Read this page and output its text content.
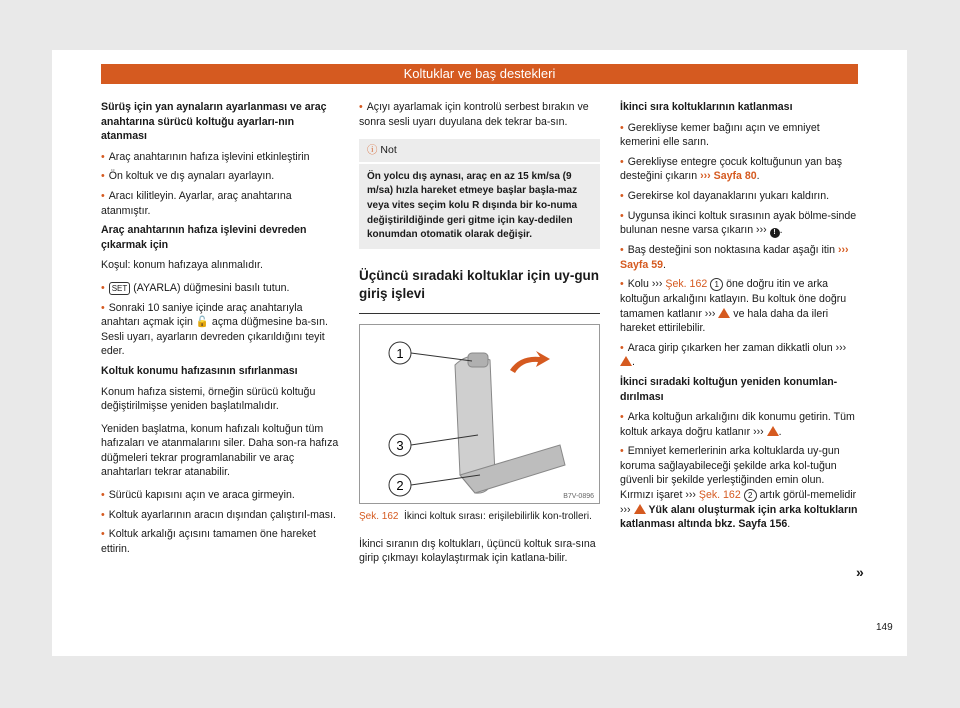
Koltuklar ve baş destekleri

Sürüş için yan aynaların ayarlanması ve araç anahtarına sürücü koltuğu ayarları-nın atanması

• Araç anahtarının hafıza işlevini etkinleştirin

• Ön koltuk ve dış aynaları ayarlayın.

• Aracı kilitleyin. Ayarlar, araç anahtarına atanmıştır.

Araç anahtarının hafıza işlevini devreden çıkarmak için

Koşul: konum hafızaya alınmalıdır.

• SET (AYARLA) düğmesini basılı tutun.

• Sonraki 10 saniye içinde araç anahtarıyla anahtarı açmak için 🔓 açma düğmesine ba-sın. Sesli uyarı, ayarların devreden çıkarıldığını teyit eder.

Koltuk konumu hafızasının sıfırlanması

Konum hafıza sistemi, örneğin sürücü koltuğu değiştirilmişse yeniden başlatılmalıdır.

Yeniden başlatma, konum hafızalı koltuğun tüm hafızaları ve atanmalarını siler. Daha son-ra hafıza düğmeleri tekrar programlanabilir ve araç anahtarları tekrar atanabilir.

• Sürücü kapısını açın ve araca girmeyin.

• Koltuk ayarlarının aracın dışından çalıştırıl-ması.

• Koltuk arkalığı açısını tamamen öne hareket ettirin.

• Açıyı ayarlamak için kontrolü serbest bırakın ve sonra sesli uyarı duyulana dek tekrar ba-sın.

ⓘ Not
Ön yolcu dış aynası, araç en az 15 km/sa (9 m/sa) hızla hareket etmeye başlar başla-maz veya vites seçim kolu R dışında bir ko-numa değiştirildiğinde geri gitme için kay-dedilen konumdan otomatik olarak değişir.
Üçüncü sıradaki koltuklar için uy-gun giriş işlevi
1
3
2
B7V-0896
Şek. 162 İkinci koltuk sırası: erişilebilirlik kon-trolleri.

İkinci sıranın dış koltukları, üçüncü koltuk sıra-sına girip çıkmayı kolaylaştırmak için katlana-bilir.

İkinci sıra koltuklarının katlanması

• Gerekliyse kemer bağını açın ve emniyet kemerini elle sarın.

• Gerekliyse entegre çocuk koltuğunun yan baş desteğini çıkarın ››› Sayfa 80.

• Gerekirse kol dayanaklarını yukarı kaldırın.

• Uygunsa ikinci koltuk sırasının ayak bölme-sinde bulunan nesne varsa çıkarın ››› ! .

• Baş desteğini son noktasına kadar aşağı itin ››› Sayfa 59.

• Kolu ››› Şek. 162 1 öne doğru itin ve arka koltuğun arkalığını katlayın. Bu koltuk öne doğru tamamen katlanır ›››  ve hala daha da ileri hareket ettirilebilir.

• Araca girip çıkarken her zaman dikkatli olun ››› .

İkinci sıradaki koltuğun yeniden konumlan-dırılması

• Arka koltuğun arkalığını dik konumu getirin. Tüm koltuk arkaya doğru katlanır ››› .

• Emniyet kemerlerinin arka koltuklarda uy-gun koruma sağlayabileceği şekilde arka kol-tuğun güvenli bir şekilde yerleştiğinden emin olun. Kırmızı işaret ››› Şek. 162 2 artık görül-memelidir ›››  Yük alanı oluşturmak için arka koltukların katlanması altında bkz. Sayfa 156.

»
149
